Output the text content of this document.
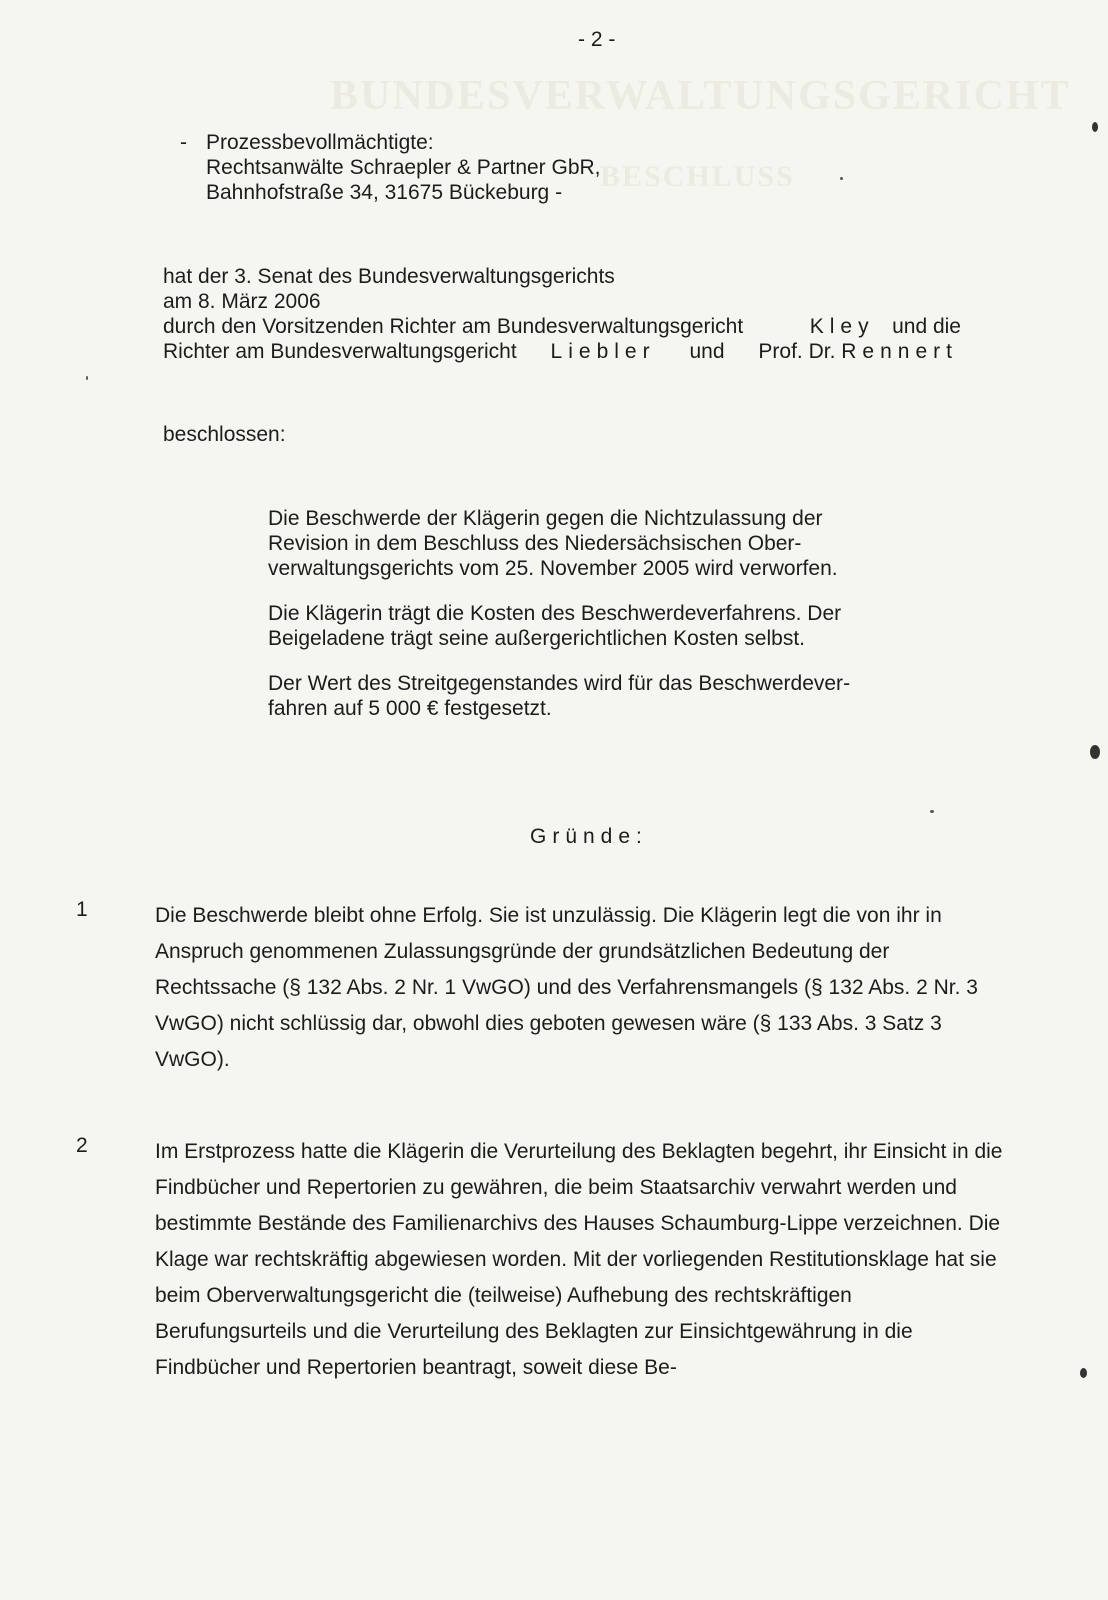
BUNDESVERWALTUNGSGERICHT
BESCHLUSS
- 2 -
- Prozessbevollmächtigte:
Rechtsanwälte Schraepler & Partner GbR,
Bahnhofstraße 34, 31675 Bückeburg -
hat der 3. Senat des Bundesverwaltungsgerichts
am 8. März 2006
durch den Vorsitzenden Richter am Bundesverwaltungsgericht	Kley und die
Richter am Bundesverwaltungsgericht Liebler und Prof. Dr. Rennert
beschlossen:

Die Beschwerde der Klägerin gegen die Nichtzulassung der Revision in dem Beschluss des Niedersächsischen Oberverwaltungsgerichts vom 25. November 2005 wird verworfen.

Die Klägerin trägt die Kosten des Beschwerdeverfahrens. Der Beigeladene trägt seine außergerichtlichen Kosten selbst.

Der Wert des Streitgegenstandes wird für das Beschwerdeverfahren auf 5 000 € festgesetzt.

Gründe:
1	Die Beschwerde bleibt ohne Erfolg. Sie ist unzulässig. Die Klägerin legt die von ihr in Anspruch genommenen Zulassungsgründe der grundsätzlichen Bedeutung der Rechtssache (§ 132 Abs. 2 Nr. 1 VwGO) und des Verfahrensmangels (§ 132 Abs. 2 Nr. 3 VwGO) nicht schlüssig dar, obwohl dies geboten gewesen wäre (§ 133 Abs. 3 Satz 3 VwGO).
2	Im Erstprozess hatte die Klägerin die Verurteilung des Beklagten begehrt, ihr Einsicht in die Findbücher und Repertorien zu gewähren, die beim Staatsarchiv verwahrt werden und bestimmte Bestände des Familienarchivs des Hauses Schaumburg-Lippe verzeichnen. Die Klage war rechtskräftig abgewiesen worden. Mit der vorliegenden Restitutionsklage hat sie beim Oberverwaltungsgericht die (teilweise) Aufhebung des rechtskräftigen Berufungsurteils und die Verurteilung des Beklagten zur Einsichtgewährung in die Findbücher und Repertorien beantragt, soweit diese Be-
